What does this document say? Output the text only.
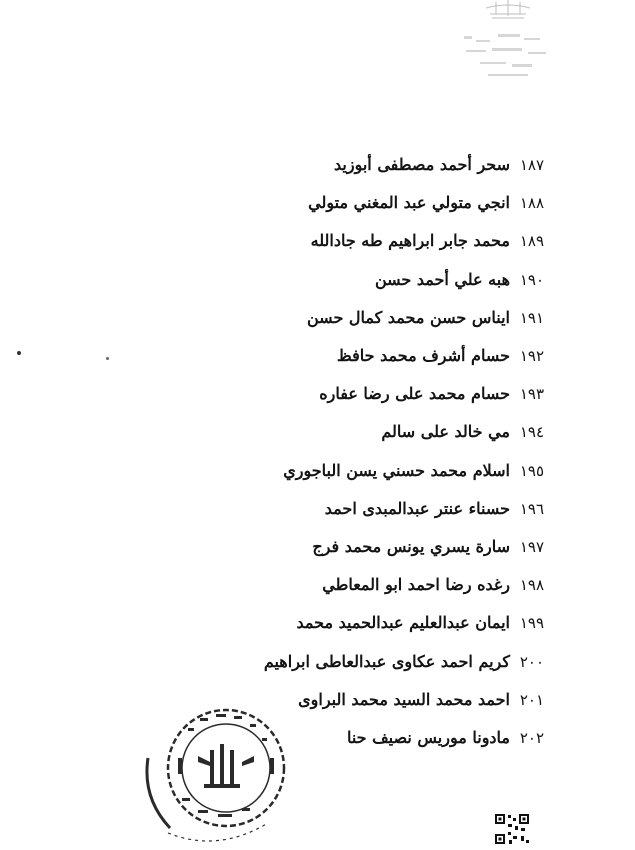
١٨٧
سحر أحمد مصطفى أبوزيد
١٨٨
انجي متولي عبد المغني متولي
١٨٩
محمد جابر ابراهيم طه جادالله
١٩٠
هبه علي أحمد حسن
١٩١
ايناس حسن محمد كمال حسن
١٩٢
حسام أشرف محمد حافظ
١٩٣
حسام محمد على رضا عفاره
١٩٤
مي خالد على سالم
١٩٥
اسلام محمد حسني يسن الباجوري
١٩٦
حسناء عنتر عبدالمبدى احمد
١٩٧
سارة يسري يونس محمد فرج
١٩٨
رغده رضا احمد ابو المعاطي
١٩٩
ايمان عبدالعليم عبدالحميد محمد
٢٠٠
كريم احمد عكاوى عبدالعاطى ابراهيم
٢٠١
احمد محمد السيد محمد البراوى
٢٠٢
مادونا موريس نصيف حنا
